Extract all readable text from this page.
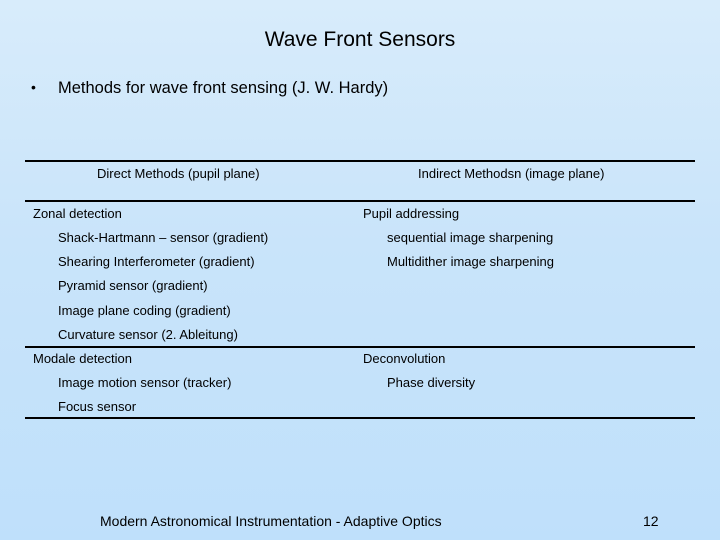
Wave Front Sensors
• Methods for wave front sensing (J. W. Hardy)
Direct Methods (pupil plane)	Indirect Methodsn (image plane)
Zonal detection
Shack-Hartmann – sensor (gradient)
Shearing Interferometer (gradient)
Pyramid sensor (gradient)
Image plane coding (gradient)
Curvature sensor (2. Ableitung)
Modale detection
Image motion sensor (tracker)
Focus sensor
Pupil addressing
sequential image sharpening
Multidither image sharpening
Deconvolution
Phase diversity
Modern Astronomical Instrumentation - Adaptive Optics	12
